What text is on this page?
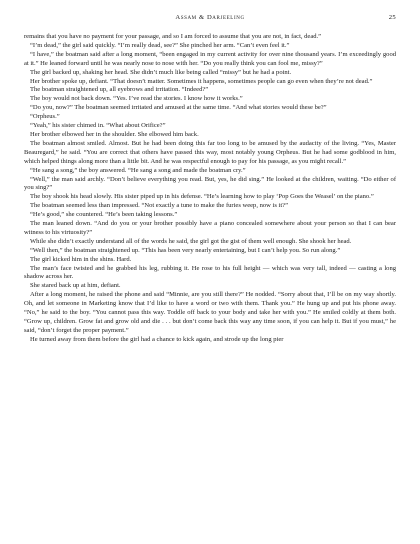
Assam & Darjeeling	25

remains that you have no payment for your passage, and so I am forced to assume that you are not, in fact, dead.”

“I’m dead,” the girl said quickly. “I’m really dead, see?” She pinched her arm. “Can’t even feel it.”

“I have,” the boatman said after a long moment, “been engaged in my current activity for over nine thousand years. I’m exceedingly good at it.” He leaned forward until he was nearly nose to nose with her. “Do you really think you can fool me, missy?”

The girl backed up, shaking her head. She didn’t much like being called “missy” but he had a point.

Her brother spoke up, defiant. “That doesn’t matter. Sometimes it happens, sometimes people can go even when they’re not dead.”

The boatman straightened up, all eyebrows and irritation. “Indeed?”

The boy would not back down. “Yes. I’ve read the stories. I know how it works.”

“Do you, now?” The boatman seemed irritated and amused at the same time. “And what stories would these be?”

“Orpheus.”

“Yeah,” his sister chimed in. “What about Orifice?”

Her brother elbowed her in the shoulder. She elbowed him back.

The boatman almost smiled. Almost. But he had been doing this far too long to be amused by the audacity of the living. “Yes, Master Beauregard,” he said. “You are correct that others have passed this way, most notably young Orpheus. But he had some godblood in him, which helped things along more than a little bit. And he was respectful enough to pay for his passage, as you might recall.”

“He sang a song,” the boy answered. “He sang a song and made the boatman cry.”

“Well,” the man said archly. “Don’t believe everything you read. But, yes, he did sing.” He looked at the children, waiting. “Do either of you sing?”

The boy shook his head slowly. His sister piped up in his defense. “He’s learning how to play ‘Pop Goes the Weasel’ on the piano.”

The boatman seemed less than impressed. “Not exactly a tune to make the furies weep, now is it?”

“He’s good,” she countered. “He’s been taking lessons.”

The man leaned down. “And do you or your brother possibly have a piano concealed somewhere about your person so that I can bear witness to his virtuosity?”

While she didn’t exactly understand all of the words he said, the girl got the gist of them well enough. She shook her head.

“Well then,” the boatman straightened up. “This has been very nearly entertaining, but I can’t help you. So run along.”

The girl kicked him in the shins. Hard.

The man’s face twisted and he grabbed his leg, rubbing it. He rose to his full height — which was very tall, indeed — casting a long shadow across her.

She stared back up at him, defiant.

After a long moment, he raised the phone and said “Minnie, are you still there?” He nodded. “Sorry about that, I’ll be on my way shortly. Oh, and let someone in Marketing know that I’d like to have a word or two with them. Thank you.” He hung up and put his phone away. “No,” he said to the boy. “You cannot pass this way. Toddle off back to your body and take her with you.” He smiled coldly at them both. “Grow up, children. Grow fat and grow old and die . . . but don’t come back this way any time soon, if you can help it. But if you must,” he said, “don’t forget the proper payment.”

He turned away from them before the girl had a chance to kick again, and strode up the long pier
